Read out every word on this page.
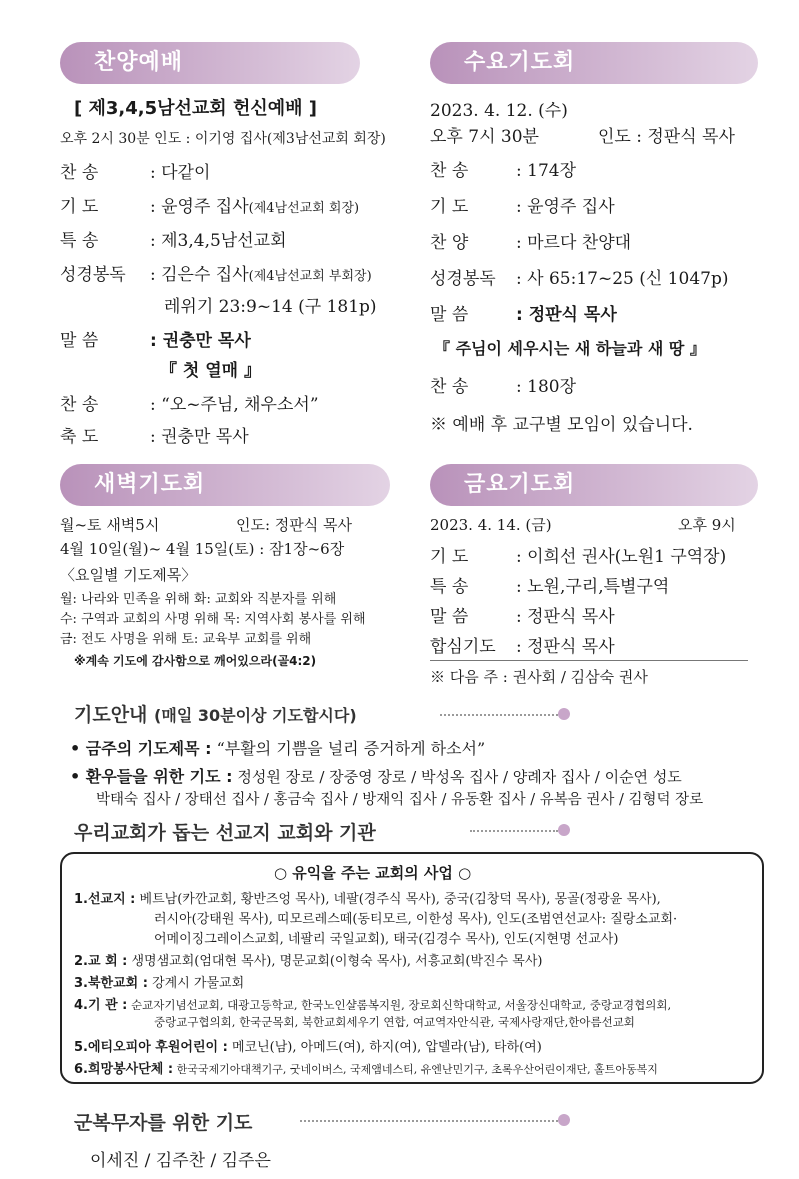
찬양예배
[ 제3,4,5남선교회 헌신예배 ]
오후 2시 30분 인도 : 이기영 집사(제3남선교회 회장)
찬 송	: 다같이
기 도	: 윤영주 집사(제4남선교회 회장)
특 송	: 제3,4,5남선교회
성경봉독 : 김은수 집사(제4남선교회 부회장)
레위기 23:9~14 (구 181p)
말 씀	: 권충만 목사
『 첫 열매 』
찬 송	: “오~주님, 채우소서”
축 도	: 권충만 목사
수요기도회
2023. 4. 12. (수)
오후 7시 30분	인도 : 정판식 목사
찬 송	: 174장
기 도	: 윤영주 집사
찬 양	: 마르다 찬양대
성경봉독 : 사 65:17~25 (신 1047p)
말 씀	: 정판식 목사
『 주님이 세우시는 새 하늘과 새 땅 』
찬 송	: 180장
※ 예배 후 교구별 모임이 있습니다.
새벽기도회
월~토 새벽5시	인도: 정판식 목사
4월 10일(월)~ 4월 15일(토) : 잠1장~6장
〈요일별 기도제목〉
월: 나라와 민족을 위해 화: 교회와 직분자를 위해
수: 구역과 교회의 사명 위해 목: 지역사회 봉사를 위해
금: 전도 사명을 위해 토: 교육부 교회를 위해
※계속 기도에 감사함으로 깨어있으라(골4:2)
금요기도회
2023. 4. 14. (금)	오후 9시
기 도	: 이희선 권사(노원1 구역장)
특 송	: 노원,구리,특별구역
말 씀	: 정판식 목사
합심기도 : 정판식 목사
※ 다음 주 : 권사회 / 김삼숙 권사
기도안내 (매일 30분이상 기도합시다)
• 금주의 기도제목 : “부활의 기쁨을 널리 증거하게 하소서”
• 환우들을 위한 기도 : 정성원 장로 / 장중영 장로 / 박성옥 집사 / 양례자 집사 / 이순연 성도
박태숙 집사 / 장태선 집사 / 홍금숙 집사 / 방재익 집사 / 유동환 집사 / 유복음 권사 / 김형덕 장로
우리교회가 돕는 선교지 교회와 기관
○ 유익을 주는 교회의 사업 ○
1.선교지 : 베트남(카깐교회, 황반즈엉 목사), 네팔(경주식 목사), 중국(김창덕 목사), 몽골(정광윤 목사),
러시아(강태원 목사), 띠모르레스떼(동티모르, 이한성 목사), 인도(조범연선교사: 질랑소교회·
어메이징그레이스교회, 네팔리 국일교회), 태국(김경수 목사), 인도(지현명 선교사)
2.교 회 : 생명샘교회(엄대현 목사), 명문교회(이형숙 목사), 서흥교회(박진수 목사)
3.북한교회 : 강계시 가물교회
4.기 관 : 순교자기념선교회, 대광고등학교, 한국노인샬롬복지원, 장로회신학대학교, 서울장신대학교, 중랑교경협의회,
중랑교구협의회, 한국군목회, 북한교회세우기 연합, 여교역자안식관, 국제사랑재단,한아름선교회
5.에티오피아 후원어린이 : 메코닌(남), 아메드(여), 하지(여), 압델라(남), 타하(여)
6.희망봉사단체 : 한국국제기아대책기구, 굿네이버스, 국제앰네스티, 유엔난민기구, 초록우산어린이재단, 홀트아동복지
군복무자를 위한 기도
이세진 / 김주찬 / 김주은
